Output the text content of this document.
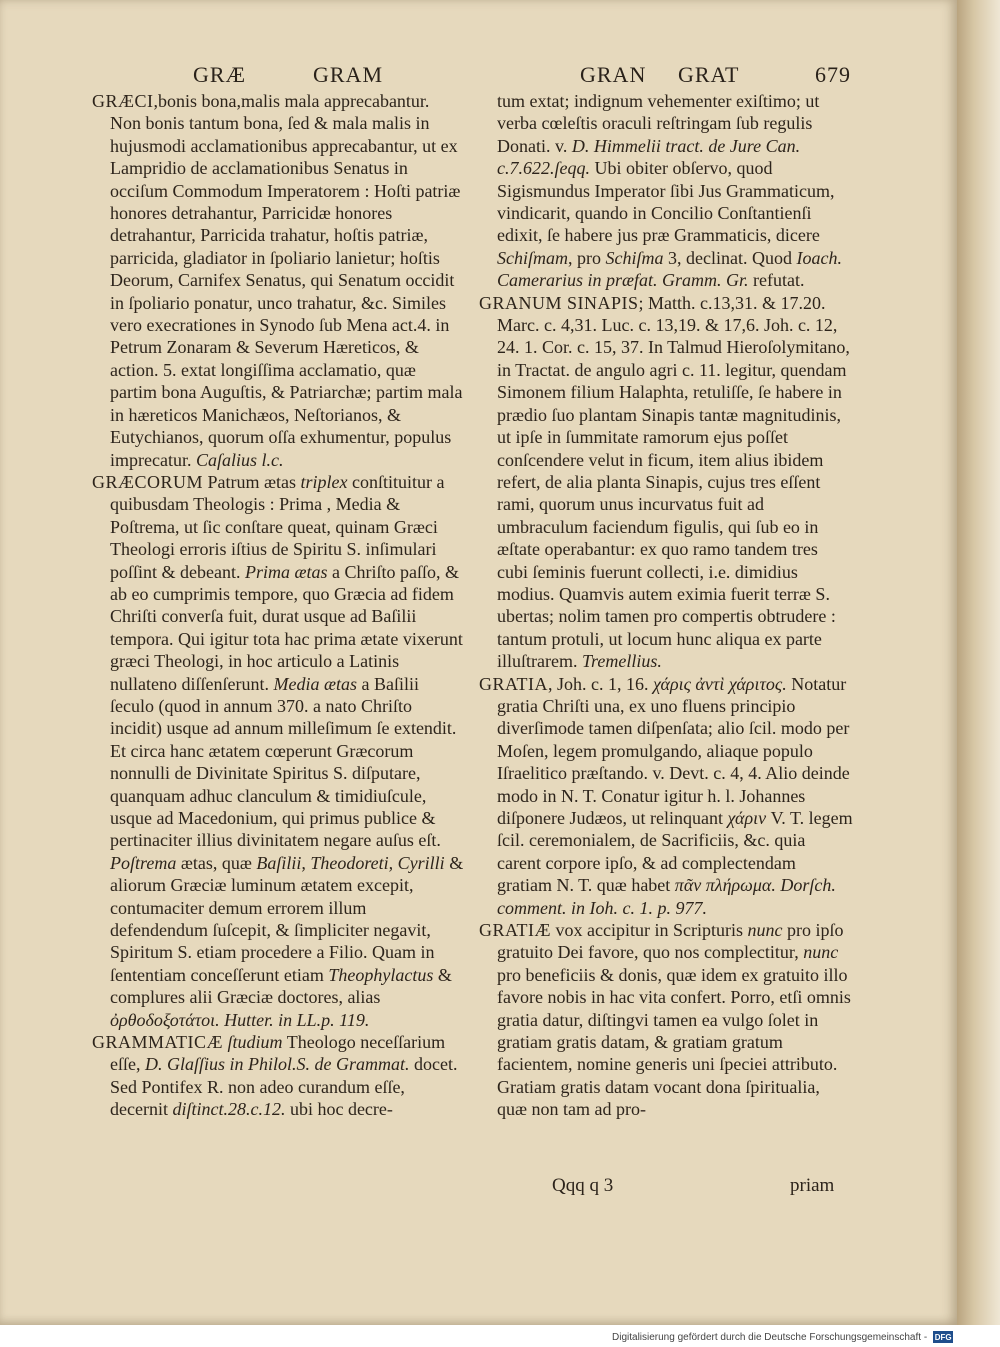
GRÆ	GRAM	GRAN GRAT	679

GRÆCI,bonis bona,malis mala apprecabantur. Non bonis tantum bona, ſed & mala malis in hujusmodi acclamationibus apprecabantur, ut ex Lampridio de acclamationibus Senatus in occiſum Commodum Imperatorem : Hoſti patriæ honores detrahantur, Parricidæ honores detrahantur, Parricida trahatur, hoſtis patriæ, parricida, gladiator in ſpoliario lanietur; hoſtis Deorum, Carnifex Senatus, qui Senatum occidit in ſpoliario ponatur, unco trahatur, &c. Similes vero execrationes in Synodo ſub Mena act.4. in Petrum Zonaram & Severum Hæreticos, & action. 5. extat longiſſima acclamatio, quæ partim bona Auguſtis, & Patriarchæ; partim mala in hæreticos Manichæos, Neſtorianos, & Eutychianos, quorum oſſa exhumentur, populus imprecatur. Caſalius l.c.

GRÆCORUM Patrum ætas triplex conſtituitur a quibusdam Theologis : Prima , Media & Poſtrema, ut ſic conſtare queat, quinam Græci Theologi erroris iſtius de Spiritu S. inſimulari poſſint & debeant. Prima ætas a Chriſto paſſo, & ab eo cumprimis tempore, quo Græcia ad fidem Chriſti converſa fuit, durat usque ad Baſilii tempora. Qui igitur tota hac prima ætate vixerunt græci Theologi, in hoc articulo a Latinis nullateno diſſenſerunt. Media ætas a Baſilii ſeculo (quod in annum 370. a nato Chriſto incidit) usque ad annum milleſimum ſe extendit. Et circa hanc ætatem cœperunt Græcorum nonnulli de Divinitate Spiritus S. diſputare, quanquam adhuc clanculum & timidiuſcule, usque ad Macedonium, qui primus publice & pertinaciter illius divinitatem negare auſus eſt. Poſtrema ætas, quæ Baſilii, Theodoreti, Cyrilli & aliorum Græciæ luminum ætatem excepit, contumaciter demum errorem illum defendendum ſuſcepit, & ſimpliciter negavit, Spiritum S. etiam procedere a Filio. Quam in ſententiam conceſſerunt etiam Theophylactus & complures alii Græciæ doctores, alias ὀρθοδοξοτάτοι. Hutter. in LL.p. 119.

GRAMMATICÆ ſtudium Theologo neceſſarium eſſe, D. Glaſſius in Philol.S. de Grammat. docet. Sed Pontifex R. non adeo curandum eſſe, decernit diſtinct.28.c.12. ubi hoc decre-

tum extat; indignum vehementer exiſtimo; ut verba cœleſtis oraculi reſtringam ſub regulis Donati. v. D. Himmelii tract. de Jure Can. c.7.622.ſeqq. Ubi obiter obſervo, quod Sigismundus Imperator ſibi Jus Grammaticum, vindicarit, quando in Concilio Conſtantienſi edixit, ſe habere jus præ Grammaticis, dicere Schiſmam, pro Schiſma 3, declinat. Quod Ioach. Camerarius in præfat. Gramm. Gr. refutat.

GRANUM SINAPIS; Matth. c.13,31. & 17.20. Marc. c. 4,31. Luc. c. 13,19. & 17,6. Joh. c. 12, 24. 1. Cor. c. 15, 37. In Talmud Hieroſolymitano, in Tractat. de angulo agri c. 11. legitur, quendam Simonem filium Halaphta, retuliſſe, ſe habere in prædio ſuo plantam Sinapis tantæ magnitudinis, ut ipſe in ſummitate ramorum ejus poſſet conſcendere velut in ficum, item alius ibidem refert, de alia planta Sinapis, cujus tres eſſent rami, quorum unus incurvatus fuit ad umbraculum faciendum figulis, qui ſub eo in æſtate operabantur: ex quo ramo tandem tres cubi ſeminis fuerunt collecti, i.e. dimidius modius. Quamvis autem eximia fuerit terræ S. ubertas; nolim tamen pro compertis obtrudere : tantum protuli, ut locum hunc aliqua ex parte illuſtrarem. Tremellius.

GRATIA, Joh. c. 1, 16. χάρις ἀντὶ χάριτος. Notatur gratia Chriſti una, ex uno fluens principio diverſimode tamen diſpenſata; alio ſcil. modo per Moſen, legem promulgando, aliaque populo Iſraelitico præſtando. v. Devt. c. 4, 4. Alio deinde modo in N. T. Conatur igitur h. l. Johannes diſponere Judæos, ut relinquant χάριν V. T. legem ſcil. ceremonialem, de Sacrificiis, &c. quia carent corpore ipſo, & ad complectendam gratiam N. T. quæ habet πᾶν πλήρωμα. Dorſch. comment. in Ioh. c. 1. p. 977.

GRATIÆ vox accipitur in Scripturis nunc pro ipſo gratuito Dei favore, quo nos complectitur, nunc pro beneficiis & donis, quæ idem ex gratuito illo favore nobis in hac vita confert. Porro, etſi omnis gratia datur, diſtingvi tamen ea vulgo ſolet in gratiam gratis datam, & gratiam gratum facientem, nomine generis uni ſpeciei attributo. Gratiam gratis datam vocant dona ſpiritualia, quæ non tam ad pro-

Qqq q 3	priam
Digitalisierung gefördert durch die Deutsche Forschungsgemeinschaft - DFG
